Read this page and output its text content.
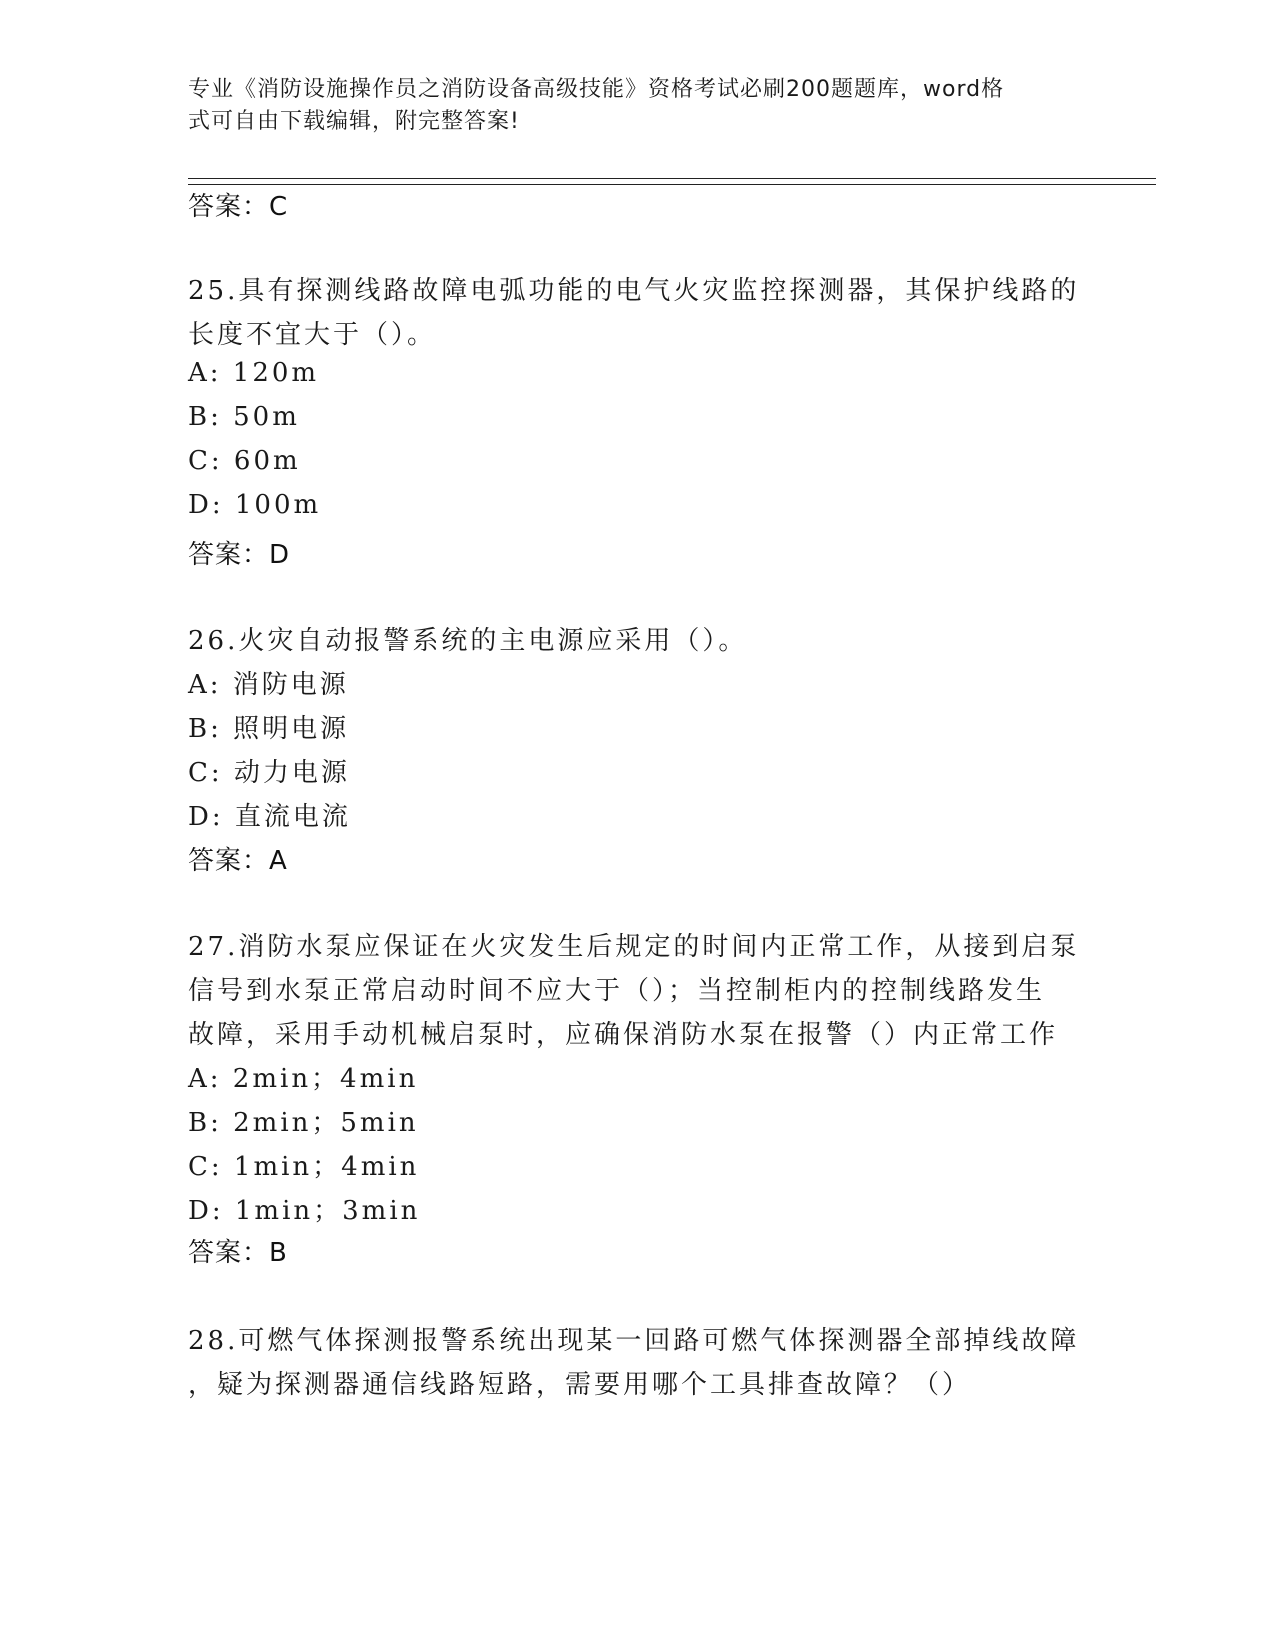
专业《消防设施操作员之消防设备高级技能》资格考试必刷200题题库，word格
式可自由下载编辑，附完整答案!
答案：C
25.具有探测线路故障电弧功能的电气火灾监控探测器，其保护线路的
长度不宜大于（）。
A: 120m
B: 50m
C: 60m
D: 100m
答案：D
26.火灾自动报警系统的主电源应采用（）。
A: 消防电源
B: 照明电源
C: 动力电源
D: 直流电流
答案：A
27.消防水泵应保证在火灾发生后规定的时间内正常工作，从接到启泵
信号到水泵正常启动时间不应大于（）；当控制柜内的控制线路发生
故障，采用手动机械启泵时，应确保消防水泵在报警（）内正常工作
A: 2min；4min
B: 2min；5min
C: 1min；4min
D: 1min；3min
答案：B
28.可燃气体探测报警系统出现某一回路可燃气体探测器全部掉线故障
，疑为探测器通信线路短路，需要用哪个工具排查故障？（）
